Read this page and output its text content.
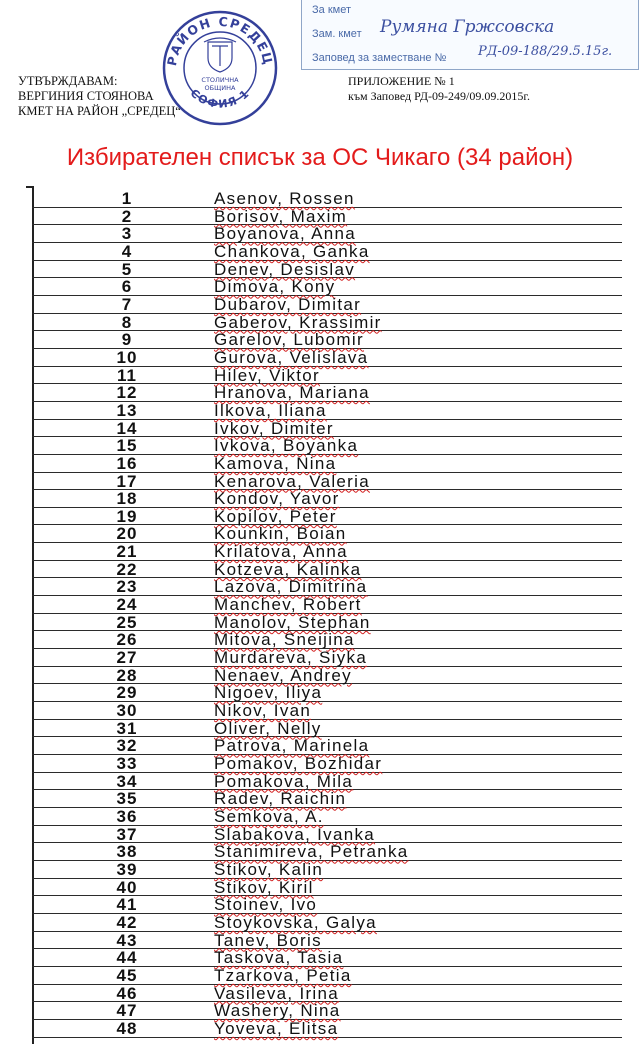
УТВЪРЖДАВАМ:
ВЕРГИНИЯ СТОЯНОВА
КМЕТ НА РАЙОН „СРЕДЕЦ“
ПРИЛОЖЕНИЕ № 1
към Заповед РД-09-249/09.09.2015г.
РАЙОН СРЕДЕЦ
СОФИЯ 1
СТОЛИЧНА
ОБЩИНА
За кмет
Зам. кмет
Заповед за заместване №
Румяна Гржсовска
РД-09-188/29.5.15г.
Избирателен списък за ОС Чикаго (34 район)
1	Asenov, Rossen
2	Borisov, Maxim
3	Boyanova, Anna
4	Chankova, Ganka
5	Denev, Desislav
6	Dimova, Kony
7	Dubarov, Dimitar
8	Gaberov, Krassimir
9	Garelov, Lubomir
10	Gurova, Velislava
11	Hilev, Viktor
12	Hranova, Mariana
13	Ilkova, Iliana
14	Ivkov, Dimiter
15	Ivkova, Boyanka
16	Kamova, Nina
17	Kenarova, Valeria
18	Kondov, Yavor
19	Kopilov, Peter
20	Kounkin, Boian
21	Krilatova, Anna
22	Kotzeva, Kalinka
23	Lazova, Dimitrina
24	Manchev, Robert
25	Manolov, Stephan
26	Mitova, Sneijina
27	Murdareva, Siyka
28	Nenaev, Andrey
29	Nigoev, Iliya
30	Nikov, Ivan
31	Oliver, Nelly
32	Patrova, Marinela
33	Pomakov, Bozhidar
34	Pomakova, Mila
35	Radev, Raichin
36	Semkova, A.
37	Slabakova, Ivanka
38	Stanimireva, Petranka
39	Stikov, Kalin
40	Stikov, Kiril
41	Stoinev, Ivo
42	Stoykovska, Galya
43	Tanev, Boris
44	Taskova, Tasia
45	Tzarkova, Petia
46	Vasileva, Irina
47	Washery, Nina
48	Yoveva, Elitsa
